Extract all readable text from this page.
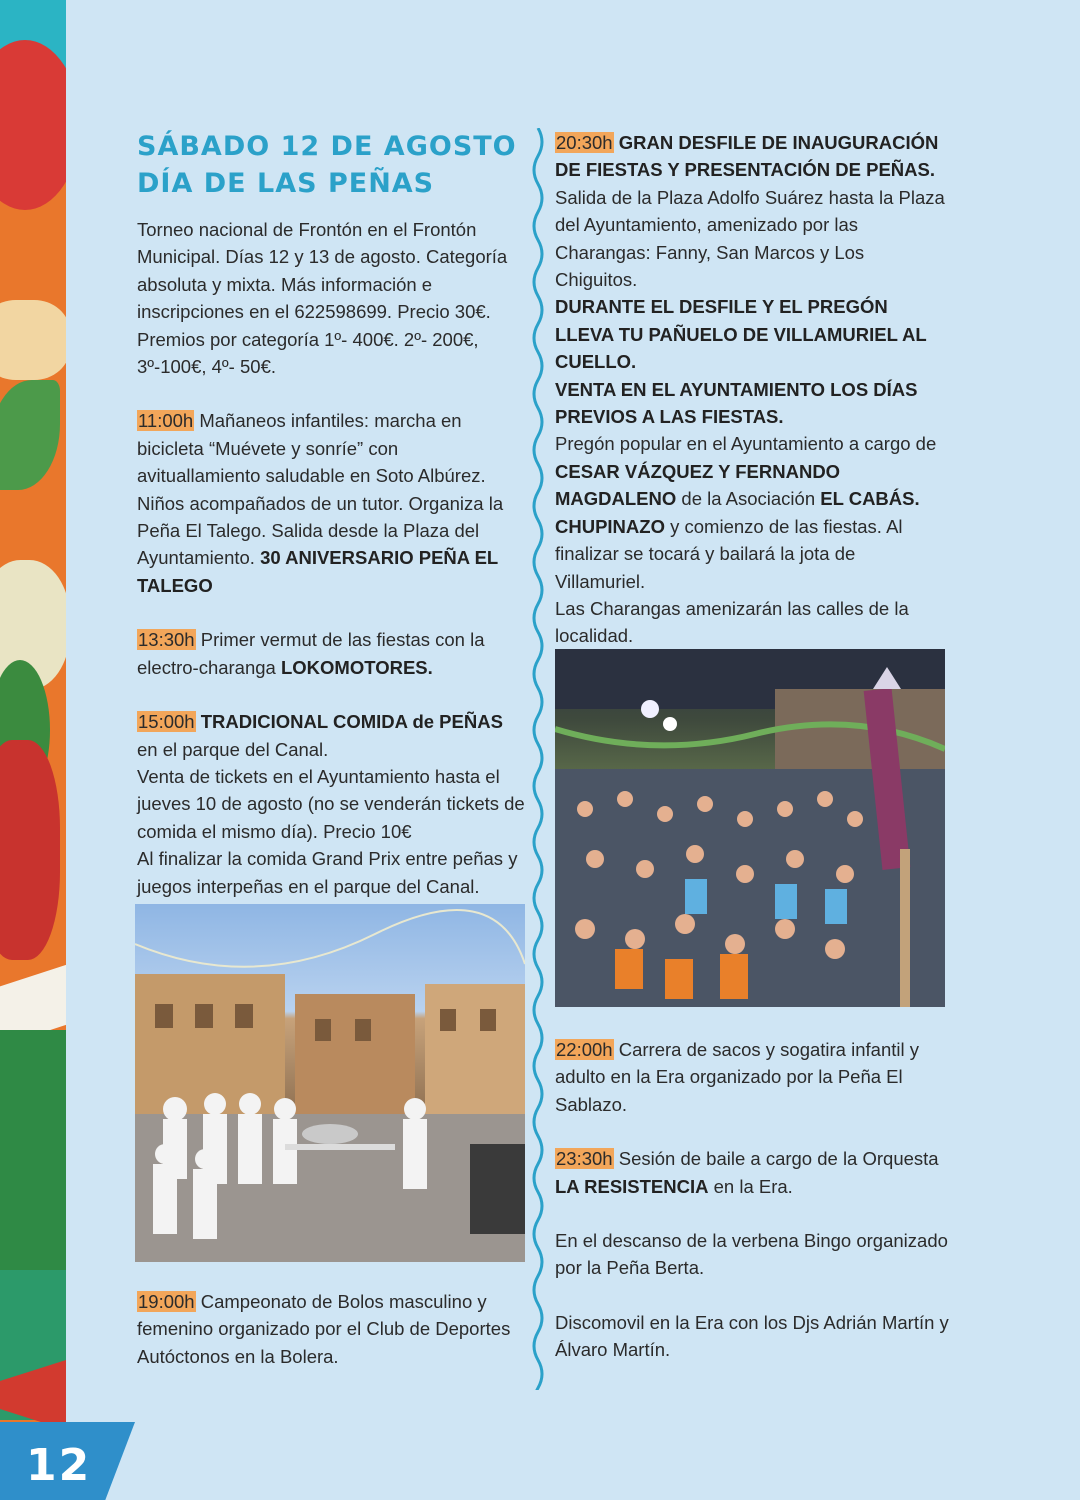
12
SÁBADO 12 DE AGOSTO
DÍA DE LAS PEÑAS

Torneo nacional de Frontón en el Frontón Municipal. Días 12 y 13 de agosto. Categoría absoluta y mixta. Más información e inscripciones en el 622598699. Precio 30€. Premios por categoría 1º- 400€. 2º- 200€, 3º-100€, 4º- 50€.

11:00h Mañaneos infantiles: marcha en bicicleta “Muévete y sonríe” con avituallamiento saludable en Soto Albúrez. Niños acompañados de un tutor. Organiza la Peña El Talego. Salida desde la Plaza del Ayuntamiento. 30 ANIVERSARIO PEÑA EL TALEGO

13:30h Primer vermut de las fiestas con la electro-charanga LOKOMOTORES.

15:00h TRADICIONAL COMIDA de PEÑAS en el parque del Canal.
Venta de tickets en el Ayuntamiento hasta el jueves 10 de agosto (no se venderán tickets de comida el mismo día). Precio 10€
Al finalizar la comida Grand Prix entre peñas y juegos interpeñas en el parque del Canal.

19:00h Campeonato de Bolos masculino y femenino organizado por el Club de Deportes Autóctonos en la Bolera.

20:30h GRAN DESFILE DE INAUGURACIÓN DE FIESTAS Y PRESENTACIÓN DE PEÑAS. Salida de la Plaza Adolfo Suárez hasta la Plaza del Ayuntamiento, amenizado por las Charangas: Fanny, San Marcos y Los Chiguitos.
DURANTE EL DESFILE Y EL PREGÓN LLEVA TU PAÑUELO DE VILLAMURIEL AL CUELLO.
VENTA EN EL AYUNTAMIENTO LOS DÍAS PREVIOS A LAS FIESTAS.

Pregón popular en el Ayuntamiento a cargo de CESAR VÁZQUEZ Y FERNANDO MAGDALENO de la Asociación EL CABÁS.

CHUPINAZO y comienzo de las fiestas. Al finalizar se tocará y bailará la jota de Villamuriel.

Las Charangas amenizarán las calles de la localidad.

22:00h Carrera de sacos y sogatira infantil y adulto en la Era organizado por la Peña El Sablazo.

23:30h Sesión de baile a cargo de la Orquesta LA RESISTENCIA en la Era.

En el descanso de la verbena Bingo organizado por la Peña Berta.

Discomovil en la Era con los Djs Adrián Martín y Álvaro Martín.
